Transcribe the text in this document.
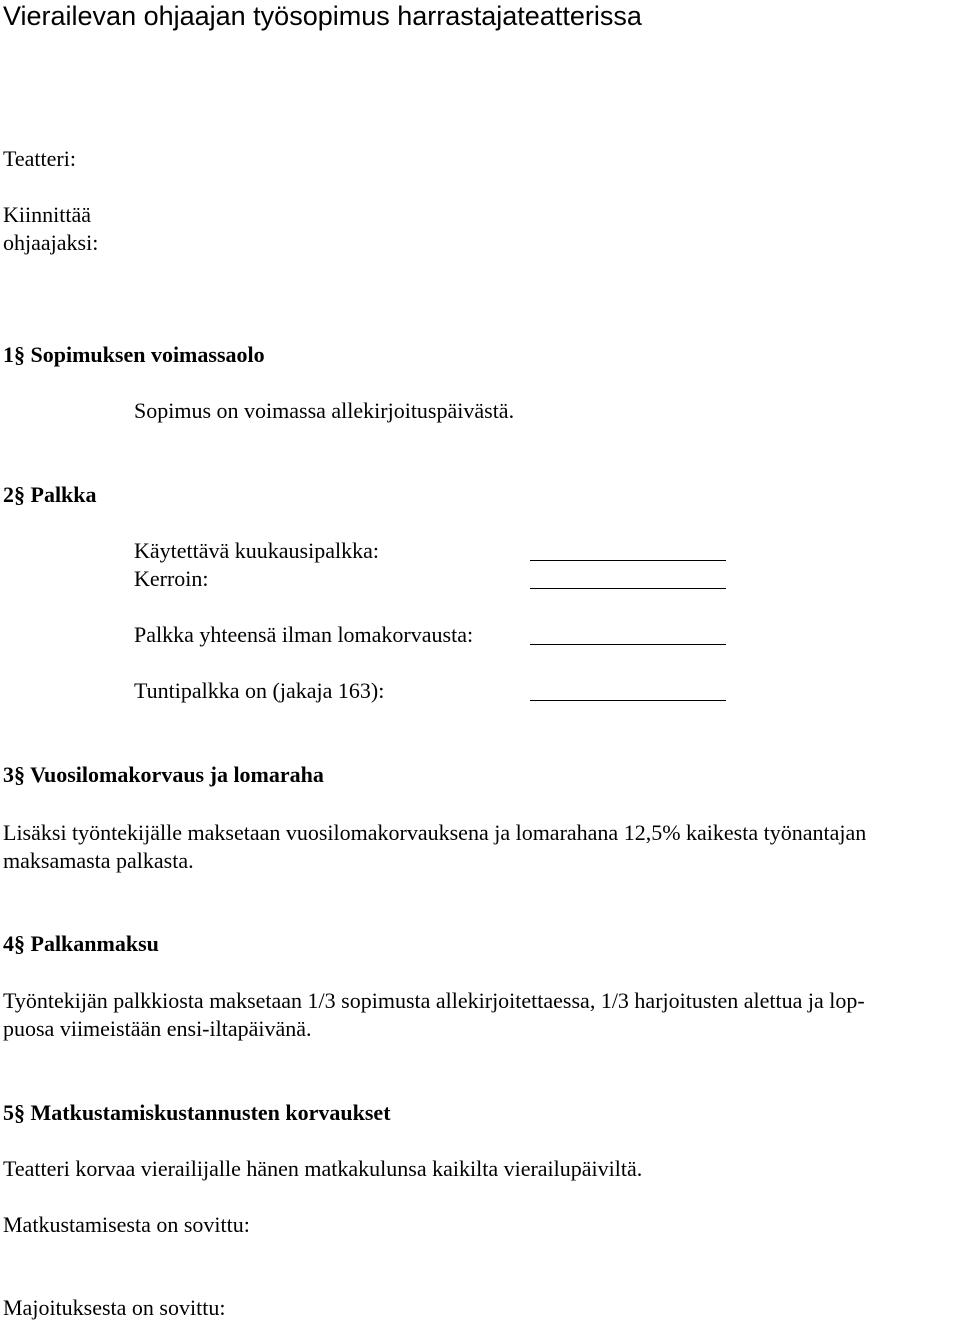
Vierailevan ohjaajan työsopimus harrastajateatterissa
Teatteri:
Kiinnittää
ohjaajaksi:
1§ Sopimuksen voimassaolo
Sopimus on voimassa allekirjoituspäivästä.
2§ Palkka
Käytettävä kuukausipalkka:
Kerroin:
Palkka yhteensä ilman lomakorvausta:
Tuntipalkka on (jakaja 163):
3§ Vuosilomakorvaus ja lomaraha
Lisäksi työntekijälle maksetaan vuosilomakorvauksena ja lomarahana 12,5% kaikesta työnantajan
maksamasta palkasta.
4§ Palkanmaksu
Työntekijän palkkiosta maksetaan 1/3 sopimusta allekirjoitettaessa, 1/3 harjoitusten alettua ja lop-
puosa viimeistään ensi-iltapäivänä.
5§ Matkustamiskustannusten korvaukset
Teatteri korvaa vierailijalle hänen matkakulunsa kaikilta vierailupäiviltä.
Matkustamisesta on sovittu:
Majoituksesta on sovittu:
